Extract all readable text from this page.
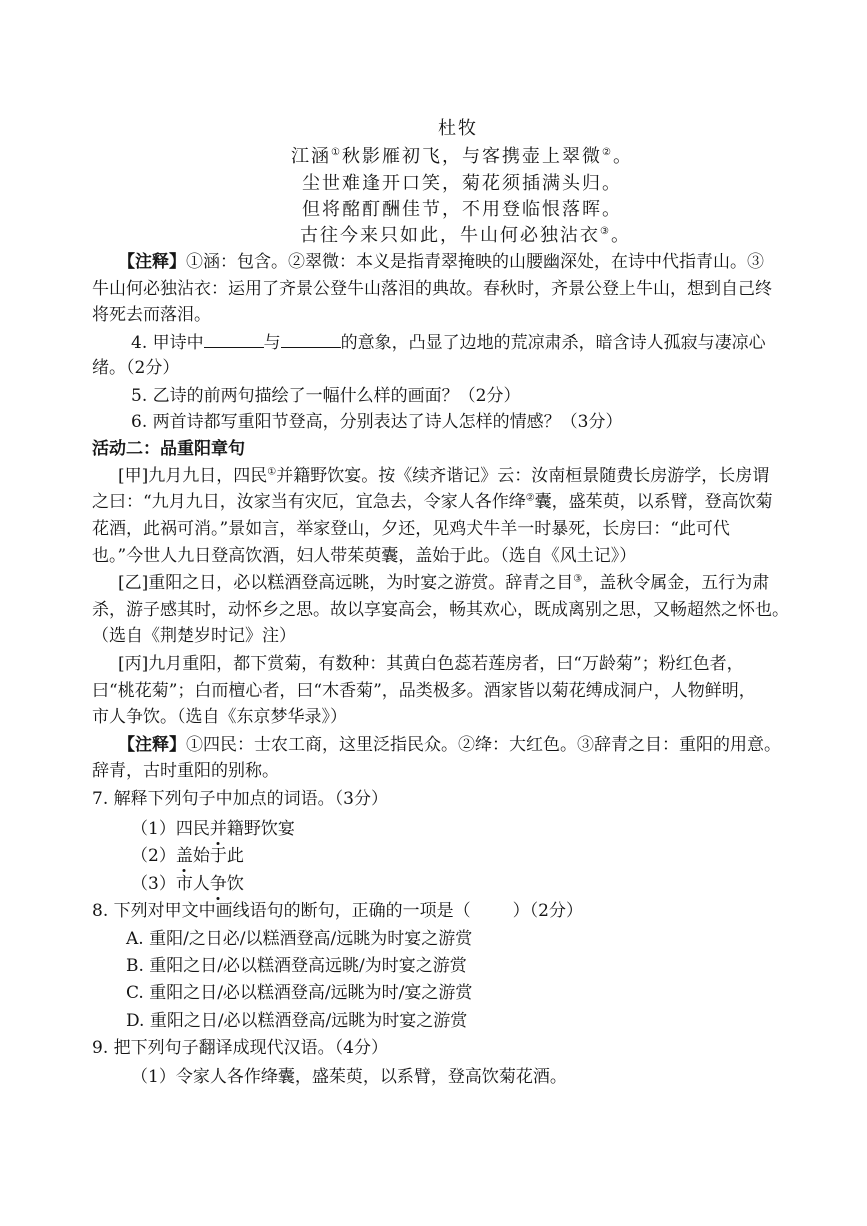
杜牧
江涵①秋影雁初飞，与客携壶上翠微②。
尘世难逢开口笑，菊花须插满头归。
但将酩酊酬佳节，不用登临恨落晖。
古往今来只如此，牛山何必独沾衣③。
【注释】①涵：包含。②翠微：本义是指青翠掩映的山腰幽深处，在诗中代指青山。③
牛山何必独沾衣：运用了齐景公登牛山落泪的典故。春秋时，齐景公登上牛山，想到自己终
将死去而落泪。
4. 甲诗中	与	的意象，凸显了边地的荒凉肃杀，暗含诗人孤寂与凄凉心
绪。（2分）
5. 乙诗的前两句描绘了一幅什么样的画面？（2分）
6. 两首诗都写重阳节登高，分别表达了诗人怎样的情感？（3分）
活动二：品重阳章句
[甲]九月九日，四民①并籍野饮宴。按《续齐谐记》云：汝南桓景随费长房游学，长房谓
之曰：“九月九日，汝家当有灾厄，宜急去，令家人各作绛②囊，盛茱萸，以系臂，登高饮菊
花酒，此祸可消。”景如言，举家登山，夕还，见鸡犬牛羊一时暴死，长房曰：“此可代
也。”今世人九日登高饮酒，妇人带茱萸囊，盖始于此。（选自《风土记》）
[乙]重阳之日，必以糕酒登高远眺，为时宴之游赏。辞青之目③，盖秋令属金，五行为肃
杀，游子感其时，动怀乡之思。故以享宴高会，畅其欢心，既成离别之思，又畅超然之怀也。
（选自《荆楚岁时记》注）
[丙]九月重阳，都下赏菊，有数种：其黄白色蕊若莲房者，曰“万龄菊”；粉红色者，
曰“桃花菊”；白而檀心者，曰“木香菊”，品类极多。酒家皆以菊花缚成洞户，人物鲜明，
市人争饮。（选自《东京梦华录》）
【注释】①四民：士农工商，这里泛指民众。②绛：大红色。③辞青之目：重阳的用意。
辞青，古时重阳的别称。
7. 解释下列句子中加点的词语。（3分）
（1）四民并籍野饮宴
（2）盖始于此
（3）市人争饮
8. 下列对甲文中画线语句的断句，正确的一项是（ ）（2分）
A. 重阳/之日必/以糕酒登高/远眺为时宴之游赏
B. 重阳之日/必以糕酒登高远眺/为时宴之游赏
C. 重阳之日/必以糕酒登高/远眺为时/宴之游赏
D. 重阳之日/必以糕酒登高/远眺为时宴之游赏
9. 把下列句子翻译成现代汉语。（4分）
（1）令家人各作绛囊，盛茱萸，以系臂，登高饮菊花酒。
